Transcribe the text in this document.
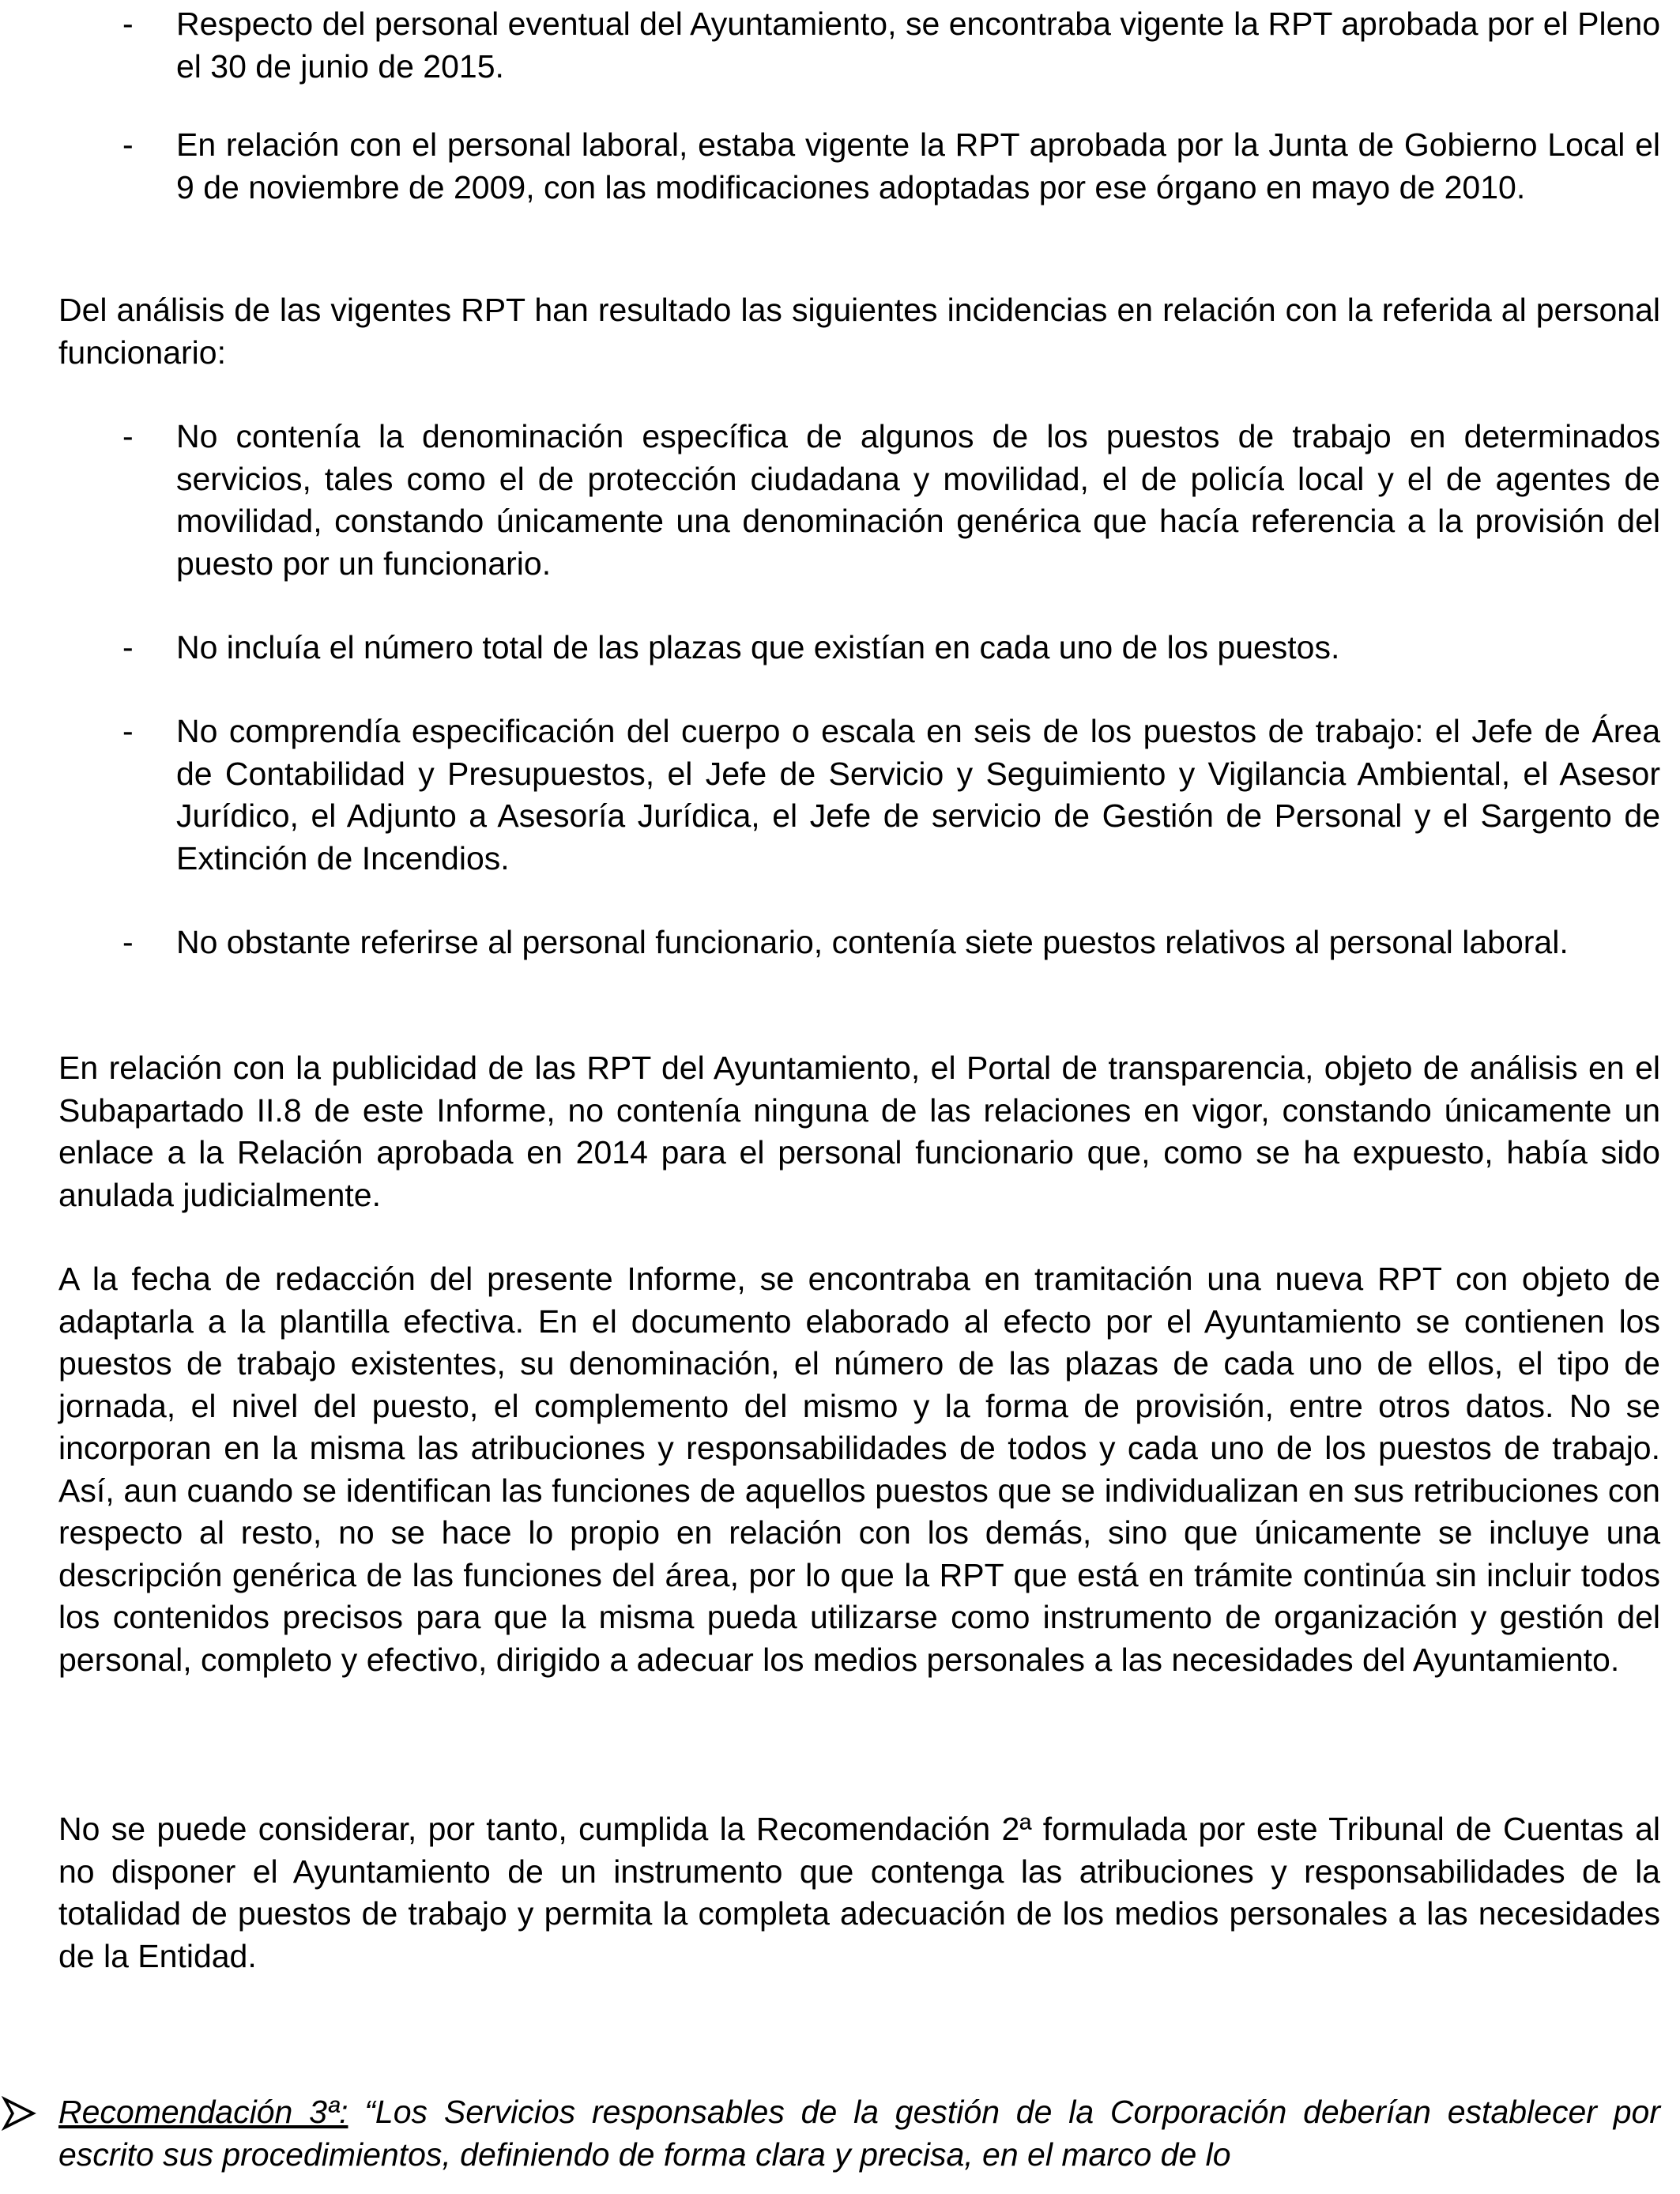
- Respecto del personal eventual del Ayuntamiento, se encontraba vigente la RPT aprobada por el Pleno el 30 de junio de 2015.

- En relación con el personal laboral, estaba vigente la RPT aprobada por la Junta de Gobierno Local el 9 de noviembre de 2009, con las modificaciones adoptadas por ese órgano en mayo de 2010.

Del análisis de las vigentes RPT han resultado las siguientes incidencias en relación con la referida al personal funcionario:

- No contenía la denominación específica de algunos de los puestos de trabajo en determinados servicios, tales como el de protección ciudadana y movilidad, el de policía local y el de agentes de movilidad, constando únicamente una denominación genérica que hacía referencia a la provisión del puesto por un funcionario.

- No incluía el número total de las plazas que existían en cada uno de los puestos.

- No comprendía especificación del cuerpo o escala en seis de los puestos de trabajo: el Jefe de Área de Contabilidad y Presupuestos, el Jefe de Servicio y Seguimiento y Vigilancia Ambiental, el Asesor Jurídico, el Adjunto a Asesoría Jurídica, el Jefe de servicio de Gestión de Personal y el Sargento de Extinción de Incendios.

- No obstante referirse al personal funcionario, contenía siete puestos relativos al personal laboral.

En relación con la publicidad de las RPT del Ayuntamiento, el Portal de transparencia, objeto de análisis en el Subapartado II.8 de este Informe, no contenía ninguna de las relaciones en vigor, constando únicamente un enlace a la Relación aprobada en 2014 para el personal funcionario que, como se ha expuesto, había sido anulada judicialmente.

A la fecha de redacción del presente Informe, se encontraba en tramitación una nueva RPT con objeto de adaptarla a la plantilla efectiva. En el documento elaborado al efecto por el Ayuntamiento se contienen los puestos de trabajo existentes, su denominación, el número de las plazas de cada uno de ellos, el tipo de jornada, el nivel del puesto, el complemento del mismo y la forma de provisión, entre otros datos. No se incorporan en la misma las atribuciones y responsabilidades de todos y cada uno de los puestos de trabajo. Así, aun cuando se identifican las funciones de aquellos puestos que se individualizan en sus retribuciones con respecto al resto, no se hace lo propio en relación con los demás, sino que únicamente se incluye una descripción genérica de las funciones del área, por lo que la RPT que está en trámite continúa sin incluir todos los contenidos precisos para que la misma pueda utilizarse como instrumento de organización y gestión del personal, completo y efectivo, dirigido a adecuar los medios personales a las necesidades del Ayuntamiento.

No se puede considerar, por tanto, cumplida la Recomendación 2ª formulada por este Tribunal de Cuentas al no disponer el Ayuntamiento de un instrumento que contenga las atribuciones y responsabilidades de la totalidad de puestos de trabajo y permita la completa adecuación de los medios personales a las necesidades de la Entidad.

Recomendación 3ª: “Los Servicios responsables de la gestión de la Corporación deberían establecer por escrito sus procedimientos, definiendo de forma clara y precisa, en el marco de lo
